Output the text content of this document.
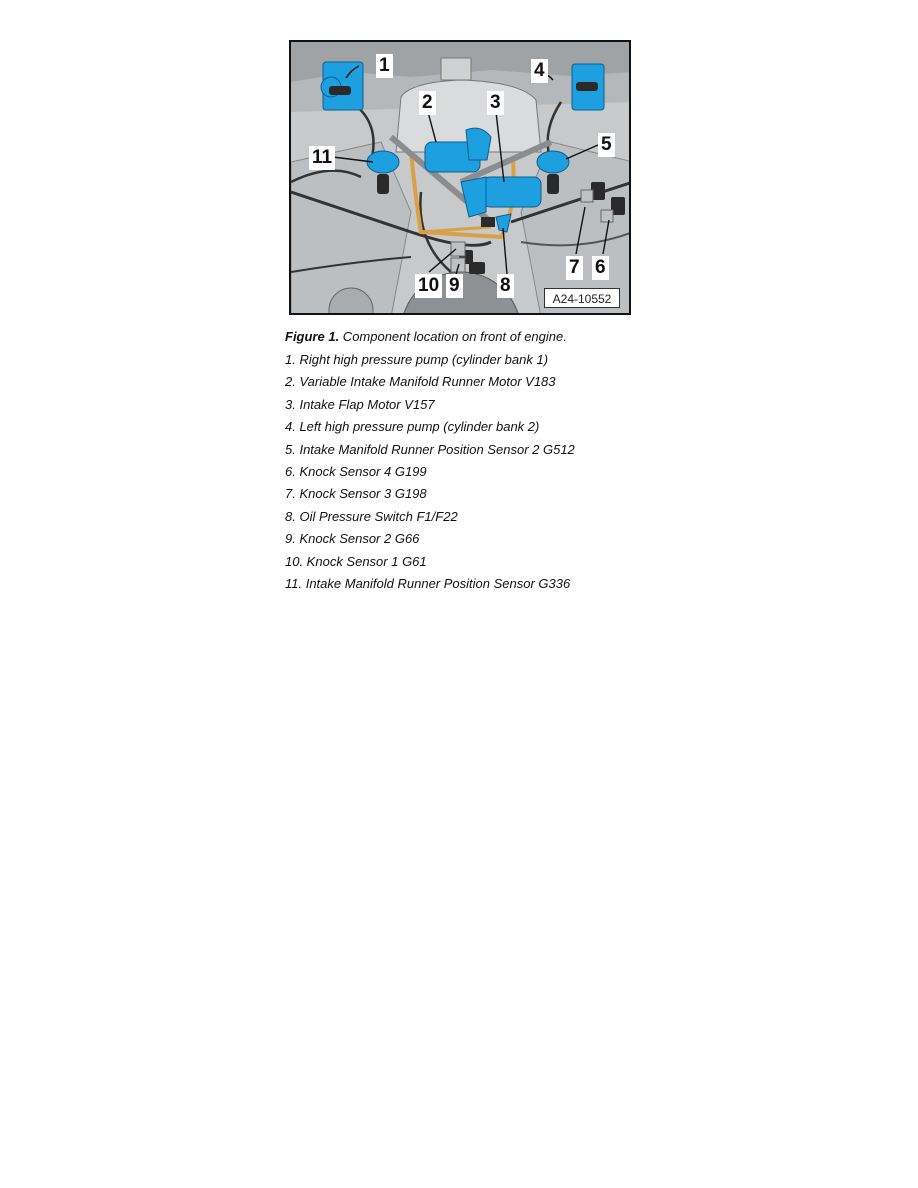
1
2	3
4
5
11
7 6
10 9 8
A24-10552
Figure 1. Component location on front of engine.
1. Right high pressure pump (cylinder bank 1)
2. Variable Intake Manifold Runner Motor V183
3. Intake Flap Motor V157
4. Left high pressure pump (cylinder bank 2)
5. Intake Manifold Runner Position Sensor 2 G512
6. Knock Sensor 4 G199
7. Knock Sensor 3 G198
8. Oil Pressure Switch F1/F22
9. Knock Sensor 2 G66
10. Knock Sensor 1 G61
11. Intake Manifold Runner Position Sensor G336
